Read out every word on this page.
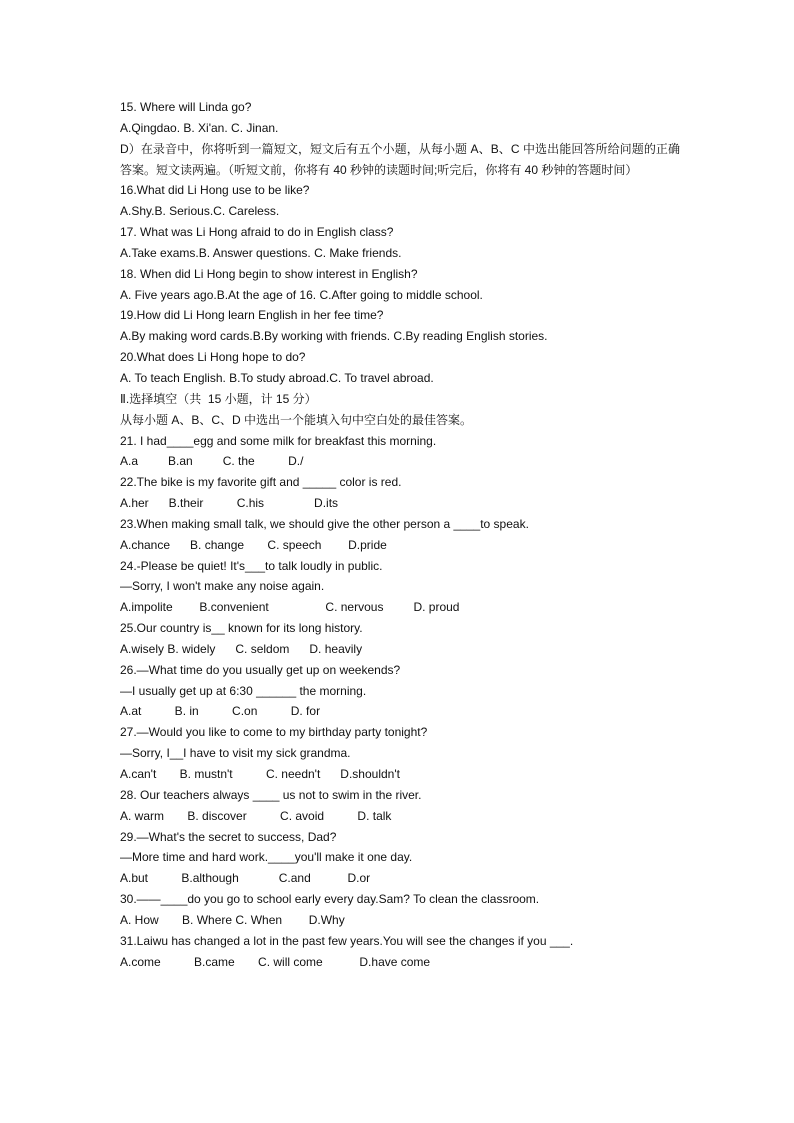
15. Where will Linda go?

A.Qingdao. B. Xi'an. C. Jinan.

D）在录音中，你将听到一篇短文，短文后有五个小题，从每小题 A、B、C 中选出能回答所给问题的正确答案。短文读两遍。（听短文前，你将有 40 秒钟的读题时间;听完后，你将有 40 秒钟的答题时间）

16.What did Li Hong use to be like?

A.Shy.B. Serious.C. Careless.

17. What was Li Hong afraid to do in English class?

A.Take exams.B. Answer questions. C. Make friends.

18. When did Li Hong begin to show interest in English?

A. Five years ago.B.At the age of 16. C.After going to middle school.

19.How did Li Hong learn English in her fee time?

A.By making word cards.B.By working with friends. C.By reading English stories.

20.What does Li Hong hope to do?

A. To teach English. B.To study abroad.C. To travel abroad.

Ⅱ.选择填空（共  15 小题，计 15 分）

从每小题 A、B、C、D 中选出一个能填入句中空白处的最佳答案。

21. I had____egg and some milk for breakfast this morning.

A.a         B.an         C. the          D./

22.The bike is my favorite gift and _____ color is red.

A.her      B.their          C.his               D.its

23.When making small talk, we should give the other person a ____to speak.

A.chance      B. change       C. speech        D.pride

24.-Please be quiet! It's___to talk loudly in public.

—Sorry, I won't make any noise again.

A.impolite        B.convenient                 C. nervous         D. proud

25.Our country is__ known for its long history.

A.wisely B. widely      C. seldom      D. heavily

26.—What time do you usually get up on weekends?

—I usually get up at 6:30 ______ the morning.

A.at          B. in          C.on          D. for

27.—Would you like to come to my birthday party tonight?

—Sorry, I__I have to visit my sick grandma.

A.can't       B. mustn't          C. needn't      D.shouldn't

28. Our teachers always ____ us not to swim in the river.

A. warm       B. discover          C. avoid          D. talk

29.—What's the secret to success, Dad?

—More time and hard work.____you'll make it one day.

A.but          B.although            C.and           D.or

30.——____do you go to school early every day.Sam? To clean the classroom.

A. How       B. Where C. When        D.Why

31.Laiwu has changed a lot in the past few years.You will see the changes if you ___.

A.come          B.came       C. will come           D.have come
